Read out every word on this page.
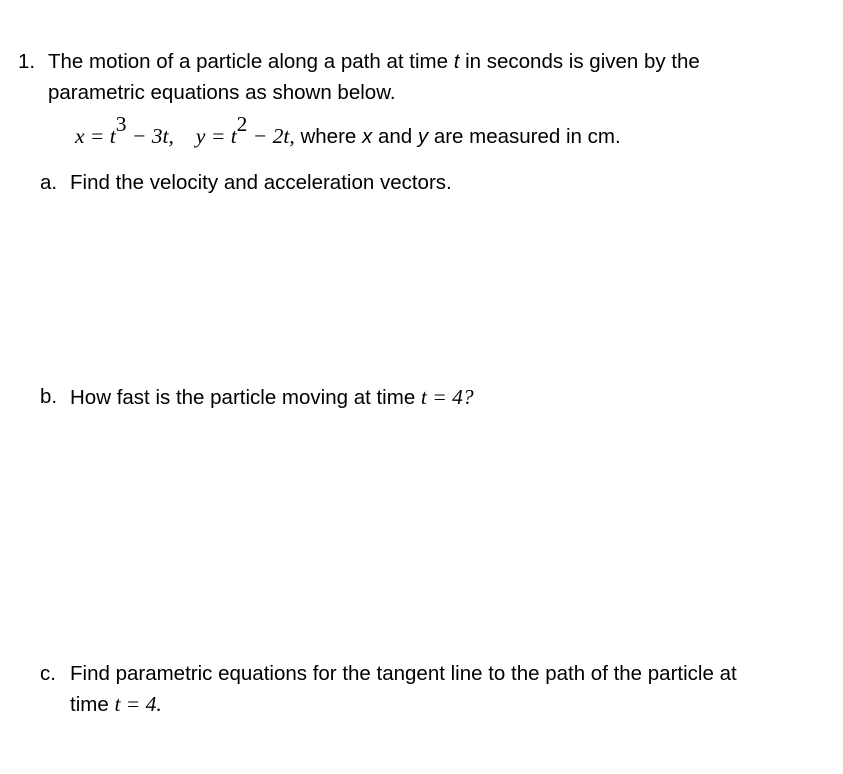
1. The motion of a particle along a path at time t in seconds is given by the
parametric equations as shown below.
$x = t^3 - 3t$, $y = t^2 - 2t$, where x and y are measured in cm.
a. Find the velocity and acceleration vectors.
b. How fast is the particle moving at time t = 4?
c. Find parametric equations for the tangent line to the path of the particle at
time t = 4.
